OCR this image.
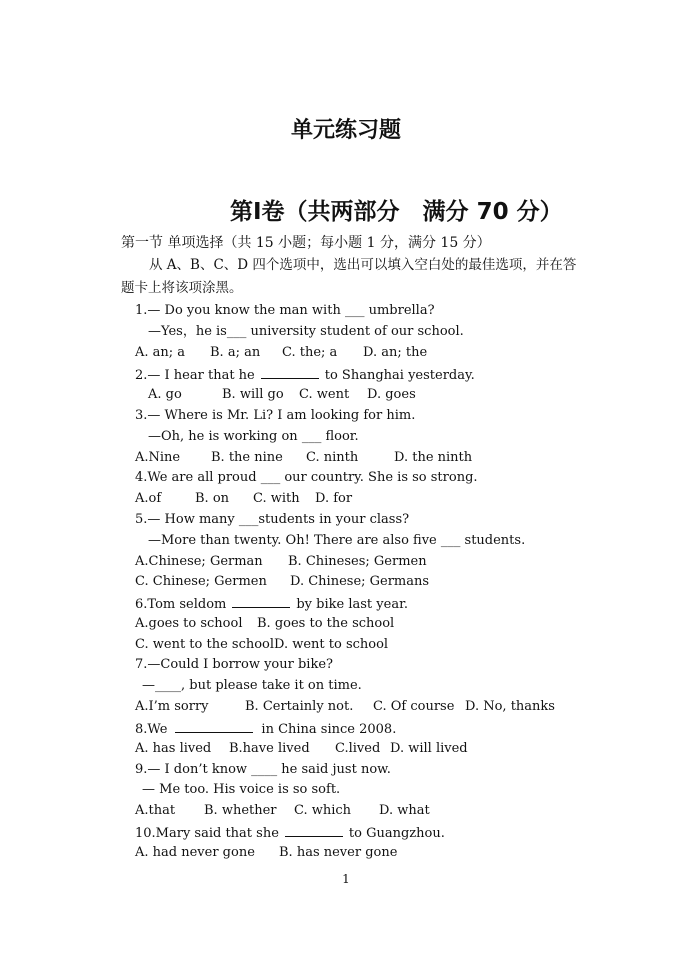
单元练习题
第I卷（共两部分　满分 70 分）
第一节 单项选择（共 15 小题；每小题 1 分，满分 15 分）
从 A、B、C、D 四个选项中，选出可以填入空白处的最佳选项，并在答题卡上将该项涂黑。
1.— Do you know the man with ___ umbrella?
—Yes，he is___ university student of our school.
A. an; a B. a; an C. the; a D. an; the
2.— I hear that he	to Shanghai yesterday.
A. go	B. will go C. went D. goes
3.— Where is Mr. Li? I am looking for him.
—Oh, he is working on ___ floor.
A.Nine B. the nine C. ninth	D. the ninth
4.We are all proud ___ our country. She is so strong.
A.of	B. on C. with D. for
5.— How many ___students in your class?
—More than twenty. Oh! There are also five ___ students.
A.Chinese; German B. Chineses; Germen
C. Chinese; Germen D. Chinese; Germans
6.Tom seldom	by bike last year.
A.goes to school B. goes to the school
C. went to the school D. went to school
7.—Could I borrow your bike?
—____, but please take it on time.
A.I’m sorry	B. Certainly not. C. Of course D. No, thanks
8.We	in China since 2008.
A. has lived B.have lived C.lived D. will lived
9.— I don’t know ____ he said just now.
— Me too. His voice is so soft.
A.that B. whether C. which D. what
10.Mary said that she	to Guangzhou.
A. had never gone B. has never gone
1
